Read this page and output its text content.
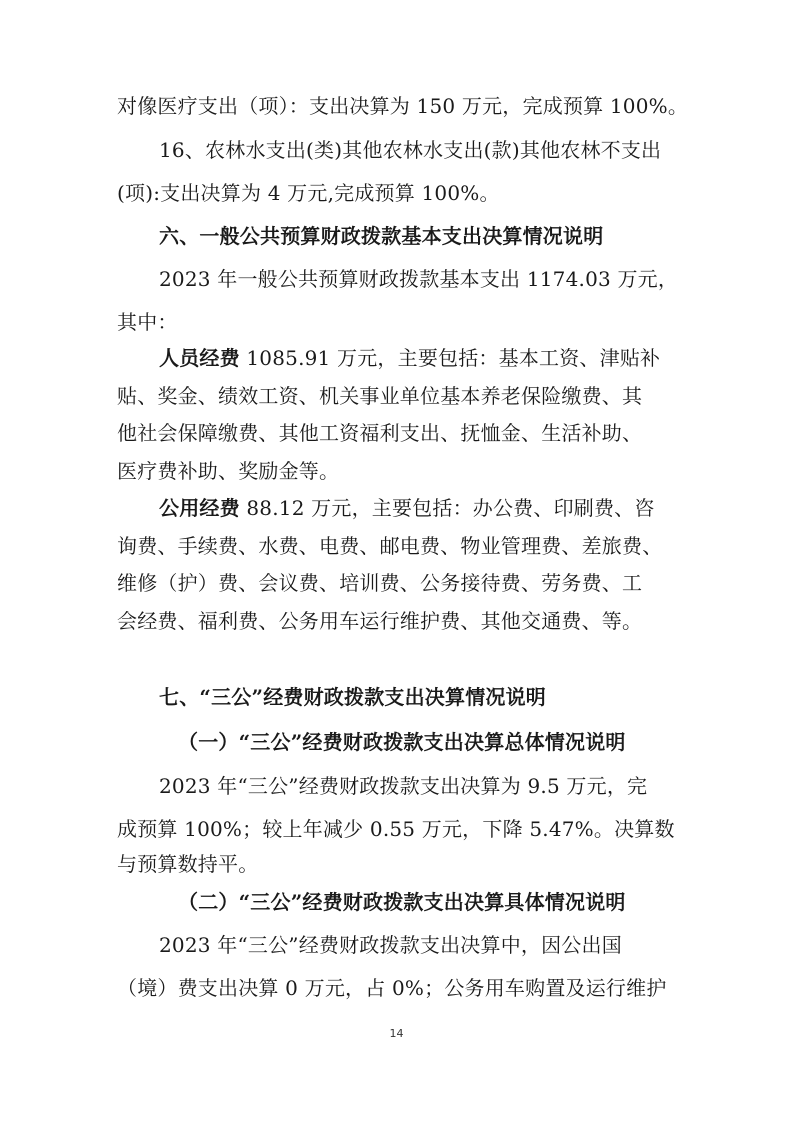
对像医疗支出（项）：支出决算为 150 万元，完成预算 100%。
16、农林水支出(类)其他农林水支出(款)其他农林不支出
(项):支出决算为 4 万元,完成预算 100%。
六、一般公共预算财政拨款基本支出决算情况说明
2023 年一般公共预算财政拨款基本支出 1174.03 万元，
其中：
人员经费 1085.91 万元，主要包括：基本工资、津贴补
贴、奖金、绩效工资、机关事业单位基本养老保险缴费、其
他社会保障缴费、其他工资福利支出、抚恤金、生活补助、
医疗费补助、奖励金等。
公用经费 88.12 万元，主要包括：办公费、印刷费、咨
询费、手续费、水费、电费、邮电费、物业管理费、差旅费、
维修（护）费、会议费、培训费、公务接待费、劳务费、工
会经费、福利费、公务用车运行维护费、其他交通费、等。
七、“三公”经费财政拨款支出决算情况说明
（一）“三公”经费财政拨款支出决算总体情况说明
2023 年“三公”经费财政拨款支出决算为 9.5 万元，完
成预算 100%；较上年减少 0.55 万元，下降 5.47%。决算数
与预算数持平。
（二）“三公”经费财政拨款支出决算具体情况说明
2023 年“三公”经费财政拨款支出决算中，因公出国
（境）费支出决算 0 万元，占 0%；公务用车购置及运行维护
14
